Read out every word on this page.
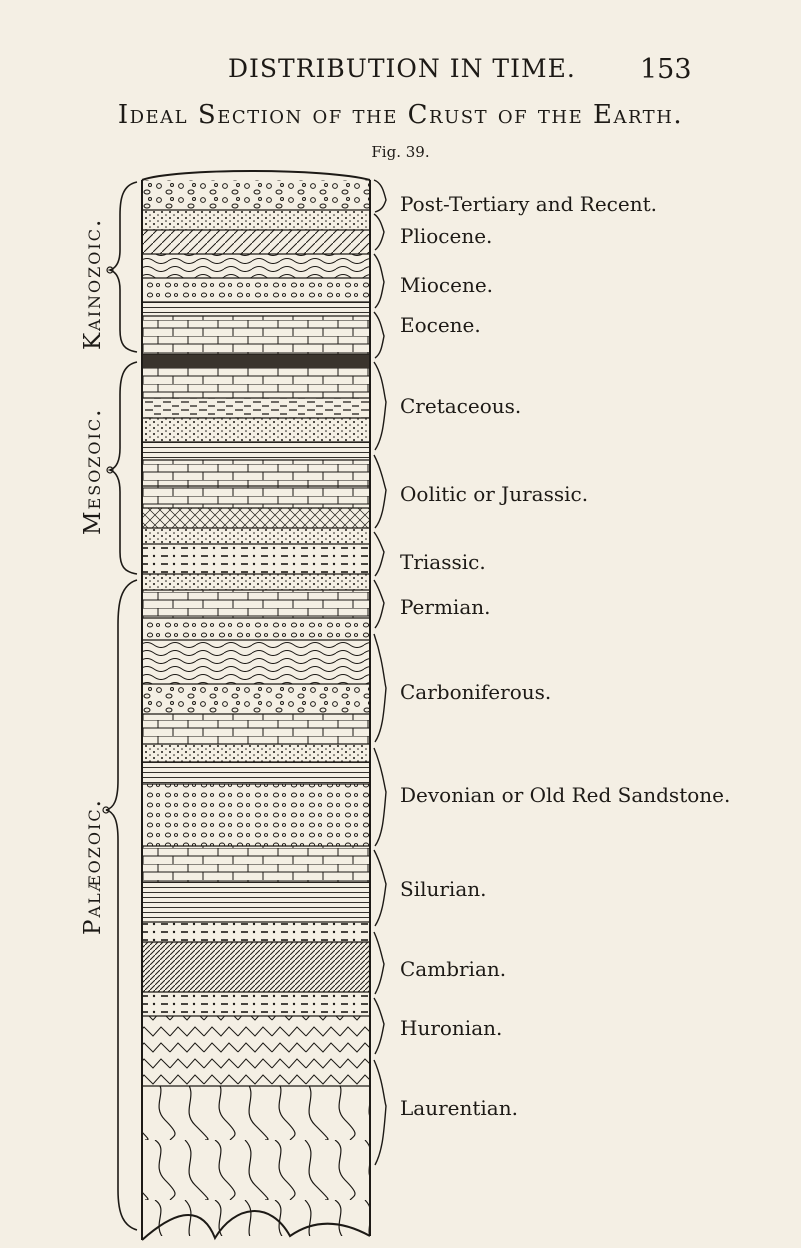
DISTRIBUTION IN TIME. 153
Ideal Section of the Crust of the Earth.
Fig. 39.
Kainozoic.
Mesozoic.
Palæozoic.
Post-Tertiary and Recent.
Pliocene.
Miocene.
Eocene.
Cretaceous.
Oolitic or Jurassic.
Triassic.
Permian.
Carboniferous.
Devonian or Old Red Sandstone.
Silurian.
Cambrian.
Huronian.
Laurentian.
